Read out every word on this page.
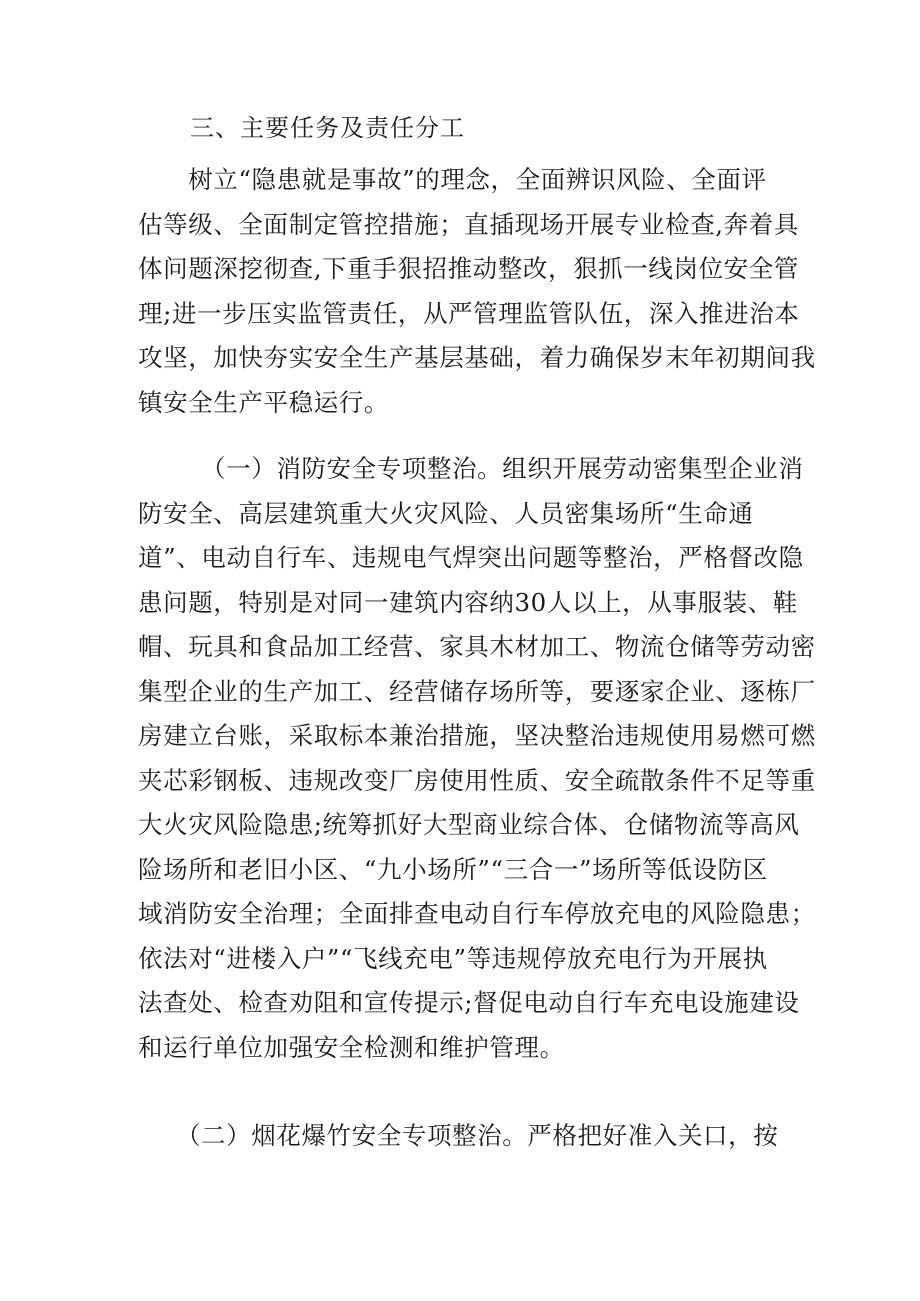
三、主要任务及责任分工
　　树立“隐患就是事故”的理念，全面辨识风险、全面评
估等级、全面制定管控措施；直插现场开展专业检查,奔着具
体问题深挖彻查,下重手狠招推动整改，狠抓一线岗位安全管
理;进一步压实监管责任，从严管理监管队伍，深入推进治本
攻坚，加快夯实安全生产基层基础，着力确保岁末年初期间我
镇安全生产平稳运行。
　　　（一）消防安全专项整治。组织开展劳动密集型企业消
防安全、高层建筑重大火灾风险、人员密集场所“生命通
道”、电动自行车、违规电气焊突出问题等整治，严格督改隐
患问题，特别是对同一建筑内容纳30人以上，从事服装、鞋
帽、玩具和食品加工经营、家具木材加工、物流仓储等劳动密
集型企业的生产加工、经营储存场所等，要逐家企业、逐栋厂
房建立台账，采取标本兼治措施，坚决整治违规使用易燃可燃
夹芯彩钢板、违规改变厂房使用性质、安全疏散条件不足等重
大火灾风险隐患;统筹抓好大型商业综合体、仓储物流等高风
险场所和老旧小区、“九小场所”“三合一”场所等低设防区
域消防安全治理；全面排查电动自行车停放充电的风险隐患；
依法对“进楼入户”“飞线充电”等违规停放充电行为开展执
法查处、检查劝阻和宣传提示;督促电动自行车充电设施建设
和运行单位加强安全检测和维护管理。
　　（二）烟花爆竹安全专项整治。严格把好准入关口，按
